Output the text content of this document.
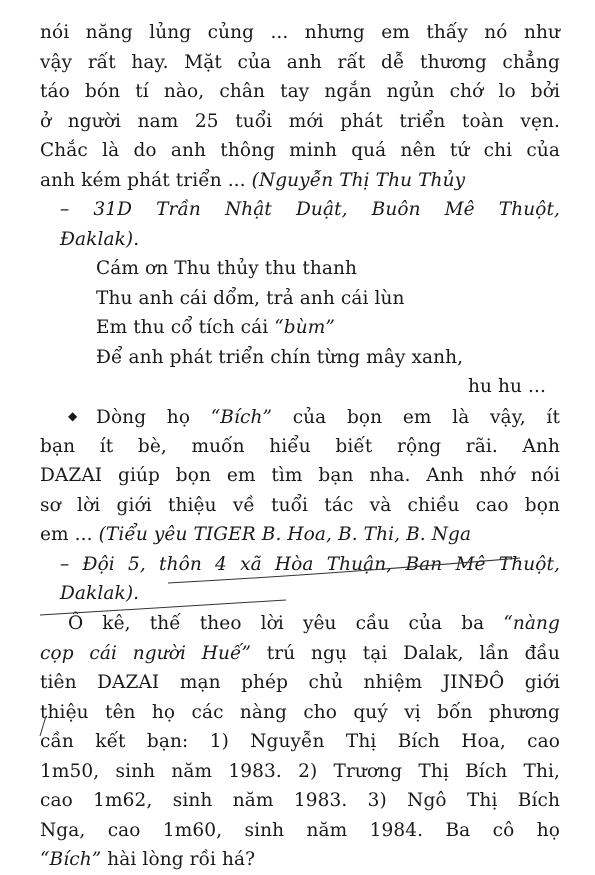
nói năng lủng củng ... nhưng em thấy nó như
vậy rất hay. Mặt của anh rất dễ thương chẳng
táo bón tí nào, chân tay ngắn ngủn chớ lo bởi
ở người nam 25 tuổi mới phát triển toàn vẹn.
Chắc là do anh thông minh quá nên tứ chi của
anh kém phát triển ... (Nguyễn Thị Thu Thủy
– 31D Trần Nhật Duật, Buôn Mê Thuột,
Đaklak).
Cám ơn Thu thủy thu thanh
Thu anh cái dổm, trả anh cái lùn
Em thu cổ tích cái “bùm”
Để anh phát triển chín từng mây xanh,
hu hu ...
◆ Dòng họ “Bích” của bọn em là vậy, ít
bạn ít bè, muốn hiểu biết rộng rãi. Anh
DAZAI giúp bọn em tìm bạn nha. Anh nhớ nói
sơ lời giới thiệu về tuổi tác và chiều cao bọn
em ... (Tiểu yêu TIGER B. Hoa, B. Thi, B. Nga
– Đội 5, thôn 4 xã Hòa Thuận, Ban Mê Thuột,
Daklak).
Ô kê, thế theo lời yêu cầu của ba “nàng
cọp cái người Huế” trú ngụ tại Dalak, lần đầu
tiên DAZAI mạn phép chủ nhiệm JINĐÔ giới
thiệu tên họ các nàng cho quý vị bốn phương
cần kết bạn: 1) Nguyễn Thị Bích Hoa, cao
1m50, sinh năm 1983. 2) Trương Thị Bích Thi,
cao 1m62, sinh năm 1983. 3) Ngô Thị Bích
Nga, cao 1m60, sinh năm 1984. Ba cô họ
“Bích” hài lòng rồi há?
